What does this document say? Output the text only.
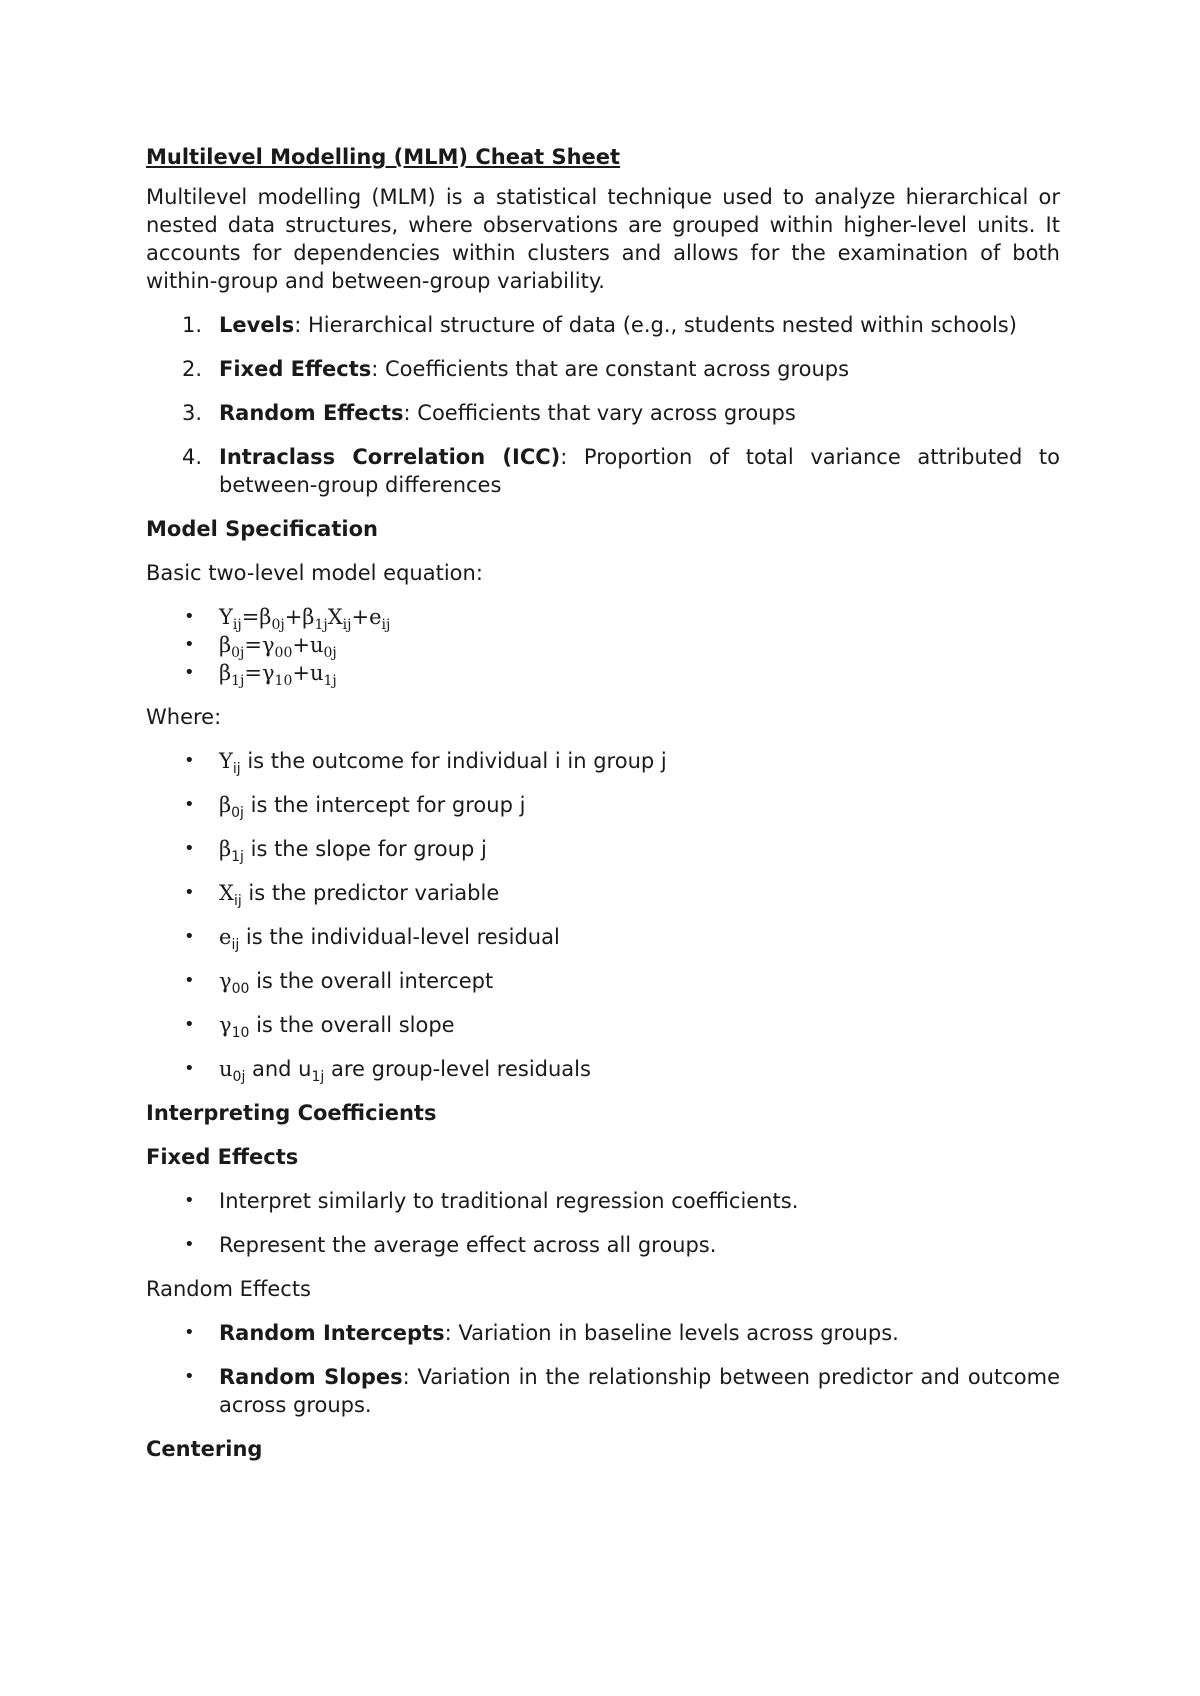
Multilevel Modelling (MLM) Cheat Sheet

Multilevel modelling (MLM) is a statistical technique used to analyze hierarchical or nested data structures, where observations are grouped within higher-level units. It accounts for dependencies within clusters and allows for the examination of both within-group and between-group variability.

1. Levels: Hierarchical structure of data (e.g., students nested within schools)
2. Fixed Effects: Coefficients that are constant across groups
3. Random Effects: Coefficients that vary across groups
4. Intraclass Correlation (ICC): Proportion of total variance attributed to between-group differences
Model Specification

Basic two-level model equation:

• $Y_{ij}=\beta_{0j}+\beta_{1j}X_{ij}+e_{ij}$
• $\beta_{0j}=\gamma_{00}+u_{0j}$
• $\beta_{1j}=\gamma_{10}+u_{1j}$

Where:

• $Y_{ij}$ is the outcome for individual i in group j
• $\beta_{0j}$ is the intercept for group j
• $\beta_{1j}$ is the slope for group j
• $X_{ij}$ is the predictor variable
• $e_{ij}$ is the individual-level residual
• $\gamma_{00}$ is the overall intercept
• $\gamma_{10}$ is the overall slope
• $u_{0j}$ and $u_{1j}$ are group-level residuals
Interpreting Coefficients
Fixed Effects
• Interpret similarly to traditional regression coefficients.
• Represent the average effect across all groups.
Random Effects
• Random Intercepts: Variation in baseline levels across groups.
• Random Slopes: Variation in the relationship between predictor and outcome across groups.
Centering
